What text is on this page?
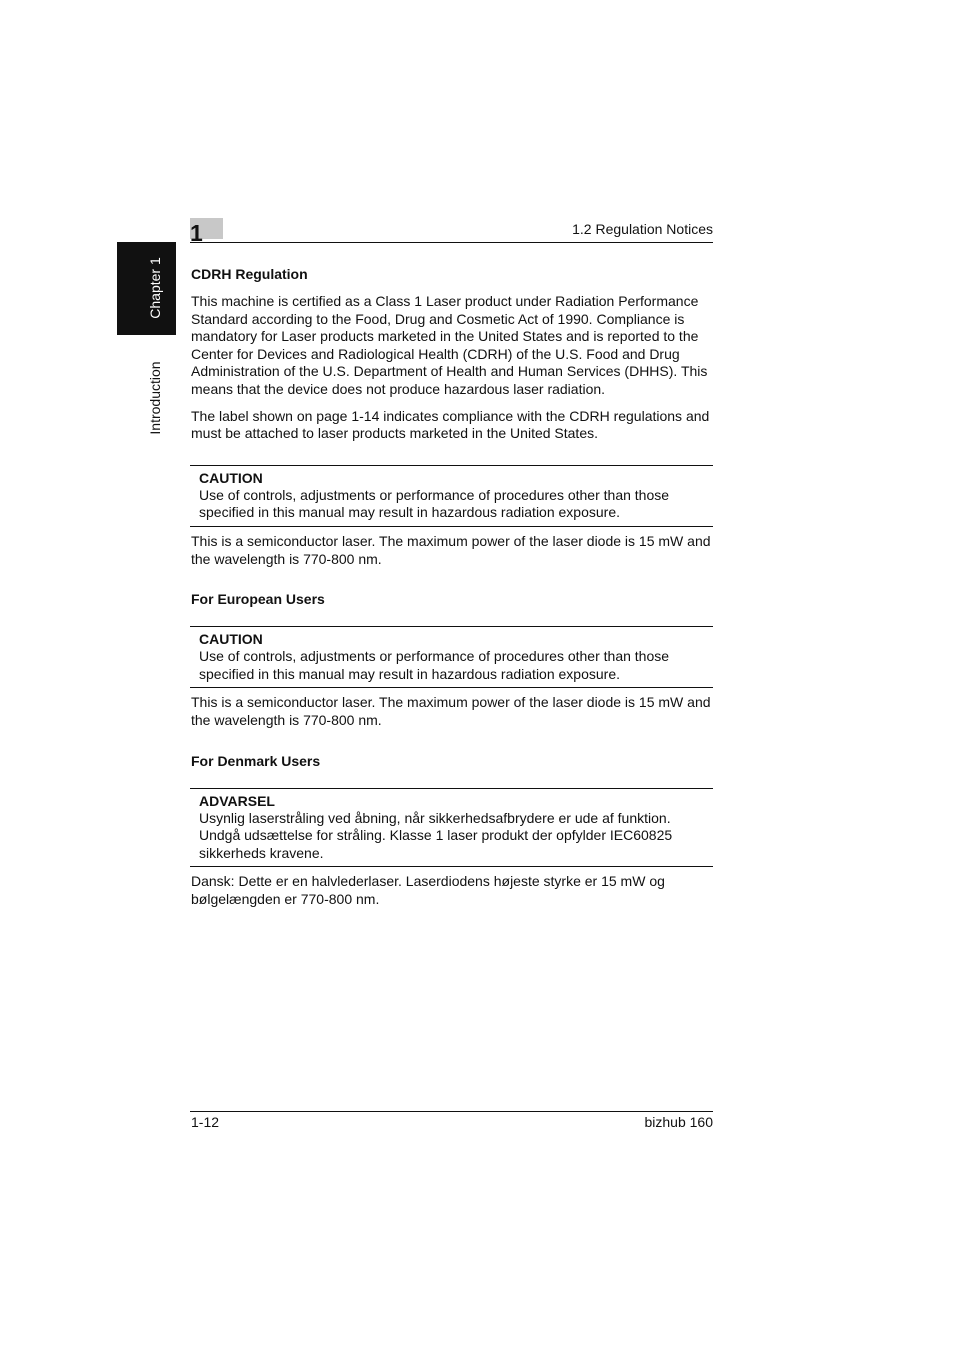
Chapter 1
Introduction
1	1.2 Regulation Notices
CDRH Regulation

This machine is certified as a Class 1 Laser product under Radiation Performance Standard according to the Food, Drug and Cosmetic Act of 1990. Compliance is mandatory for Laser products marketed in the United States and is reported to the Center for Devices and Radiological Health (CDRH) of the U.S. Food and Drug Administration of the U.S. Department of Health and Human Services (DHHS). This means that the device does not produce hazardous laser radiation.

The label shown on page 1-14 indicates compliance with the CDRH regulations and must be attached to laser products marketed in the United States.

CAUTION
Use of controls, adjustments or performance of procedures other than those specified in this manual may result in hazardous radiation exposure.

This is a semiconductor laser. The maximum power of the laser diode is 15 mW and the wavelength is 770-800 nm.

For European Users
CAUTION
Use of controls, adjustments or performance of procedures other than those specified in this manual may result in hazardous radiation exposure.

This is a semiconductor laser. The maximum power of the laser diode is 15 mW and the wavelength is 770-800 nm.

For Denmark Users
ADVARSEL
Usynlig laserstråling ved åbning, når sikkerhedsafbrydere er ude af funktion. Undgå udsættelse for stråling. Klasse 1 laser produkt der opfylder IEC60825 sikkerheds kravene.

Dansk: Dette er en halvlederlaser. Laserdiodens højeste styrke er 15 mW og bølgelængden er 770-800 nm.

1-12	bizhub 160
